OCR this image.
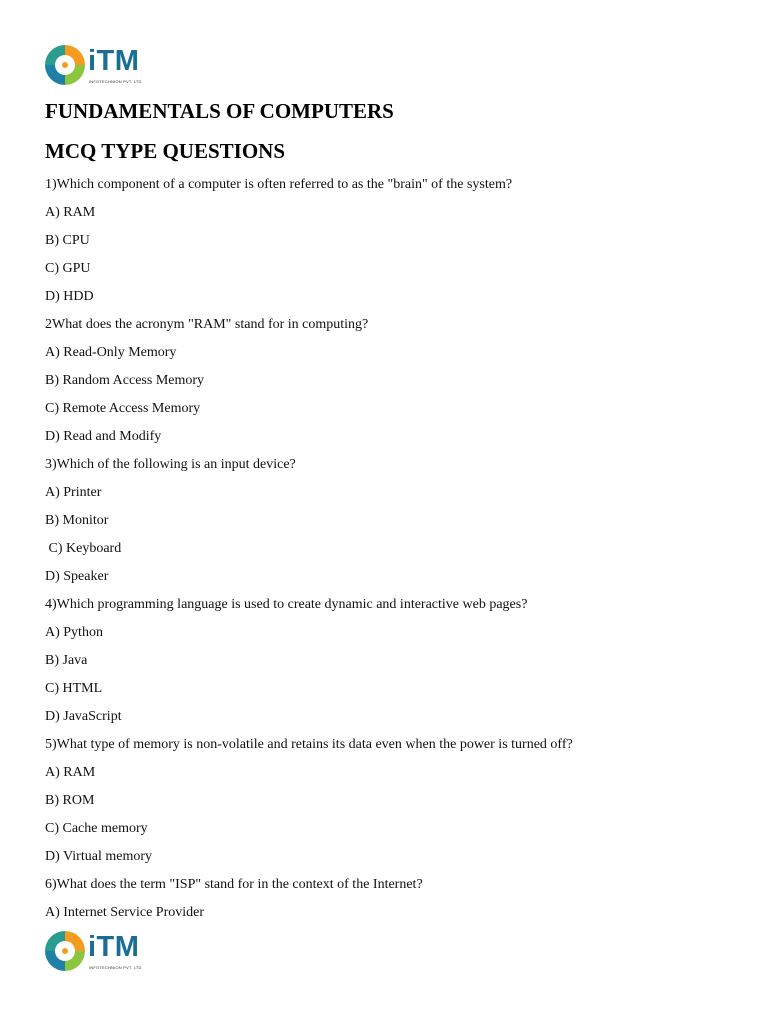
iTM
INFOTECHNION PVT. LTD
FUNDAMENTALS OF COMPUTERS
MCQ TYPE QUESTIONS
1)Which component of a computer is often referred to as the "brain" of the system?
A) RAM
B) CPU
C) GPU
D) HDD
2What does the acronym "RAM" stand for in computing?
A) Read-Only Memory
B) Random Access Memory
C) Remote Access Memory
D) Read and Modify
3)Which of the following is an input device?
A) Printer
B) Monitor
C) Keyboard
D) Speaker
4)Which programming language is used to create dynamic and interactive web pages?
A) Python
B) Java
C) HTML
D) JavaScript
5)What type of memory is non-volatile and retains its data even when the power is turned off?
A) RAM
B) ROM
C) Cache memory
D) Virtual memory
6)What does the term "ISP" stand for in the context of the Internet?
A) Internet Service Provider
iTM
INFOTECHNION PVT. LTD
